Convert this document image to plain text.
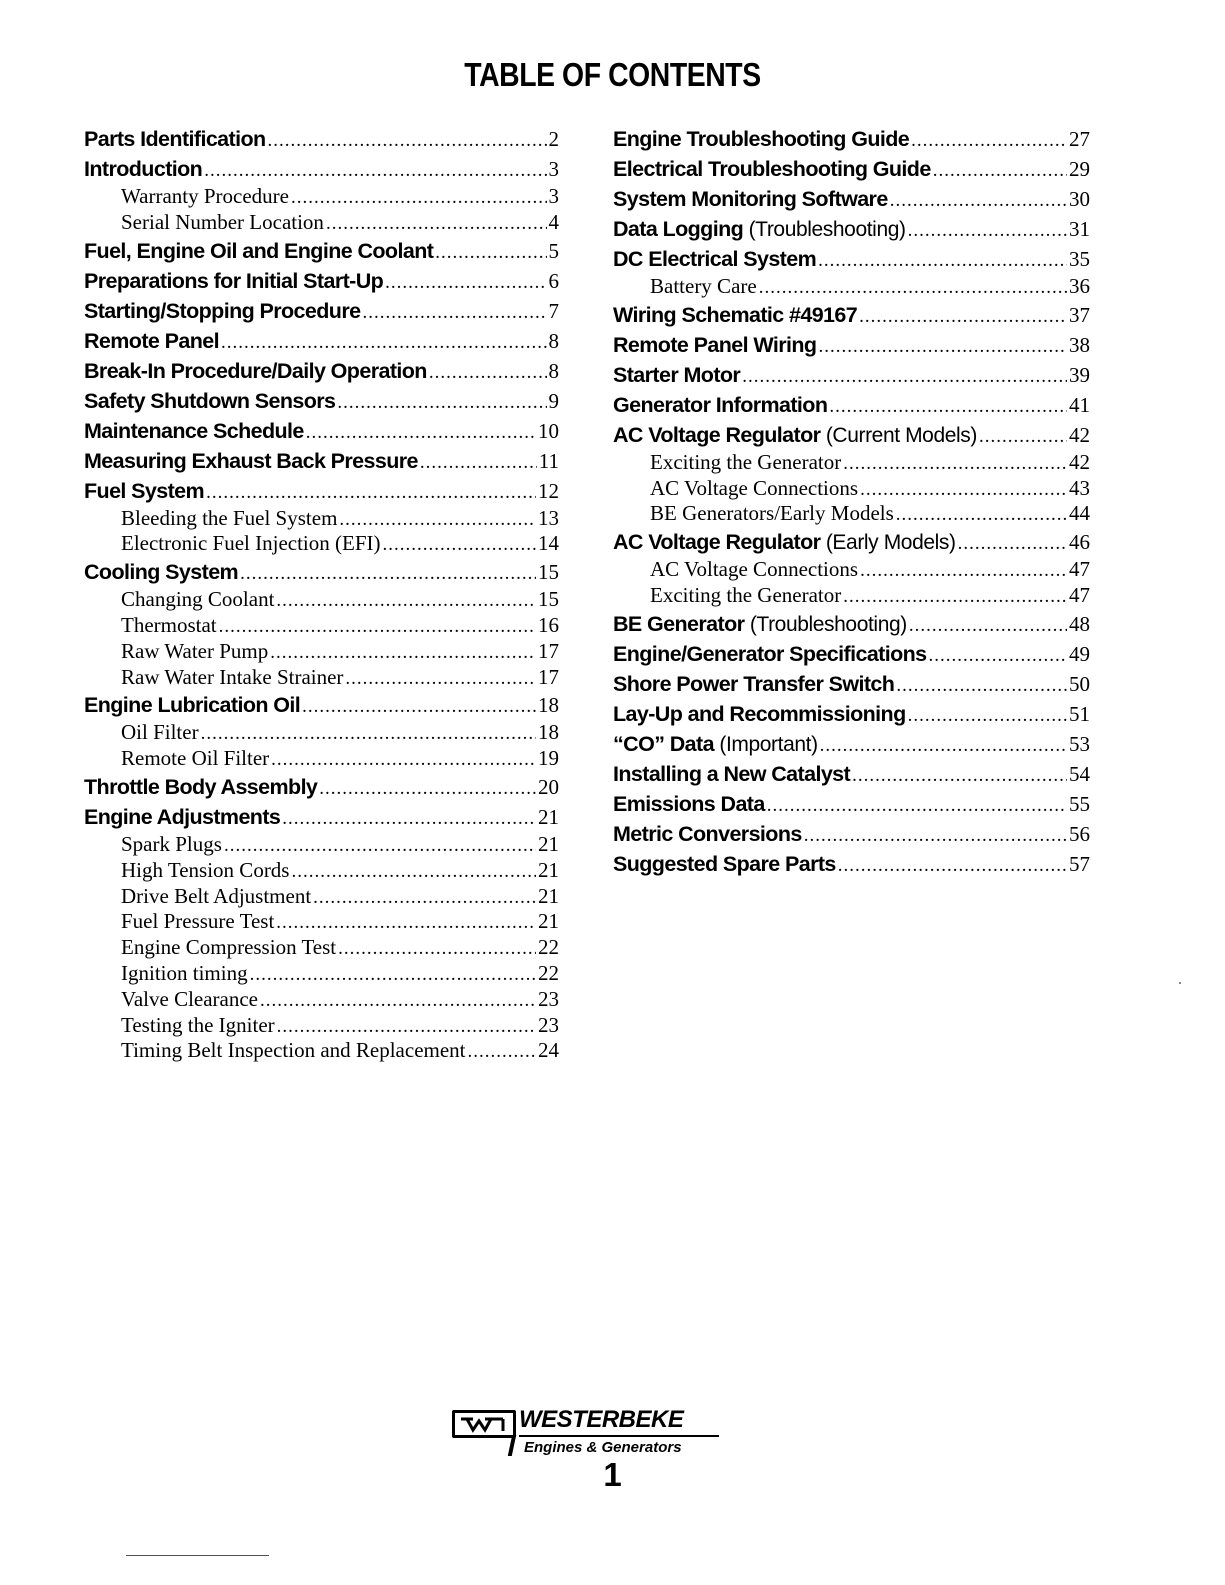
TABLE OF CONTENTS
Parts Identification .....	2
Introduction .....	3
Warranty Procedure .....	3
Serial Number Location .....	4
Fuel, Engine Oil and Engine Coolant .....	5
Preparations for Initial Start-Up .....	6
Starting/Stopping Procedure .....	7
Remote Panel .....	8
Break-In Procedure/Daily Operation .....	8
Safety Shutdown Sensors .....	9
Maintenance Schedule .....	10
Measuring Exhaust Back Pressure .....	11
Fuel System .....	12
Bleeding the Fuel System .....	13
Electronic Fuel Injection (EFI) .....	14
Cooling System .....	15
Changing Coolant .....	15
Thermostat .....	16
Raw Water Pump .....	17
Raw Water Intake Strainer .....	17
Engine Lubrication Oil .....	18
Oil Filter .....	18
Remote Oil Filter .....	19
Throttle Body Assembly .....	20
Engine Adjustments .....	21
Spark Plugs .....	21
High Tension Cords .....	21
Drive Belt Adjustment .....	21
Fuel Pressure Test .....	21
Engine Compression Test .....	22
Ignition timing .....	22
Valve Clearance .....	23
Testing the Igniter .....	23
Timing Belt Inspection and Replacement .....	24
Engine Troubleshooting Guide .....	27
Electrical Troubleshooting Guide .....	29
System Monitoring Software .....	30
Data Logging (Troubleshooting) .....	31
DC Electrical System .....	35
Battery Care .....	36
Wiring Schematic #49167 .....	37
Remote Panel Wiring .....	38
Starter Motor .....	39
Generator Information .....	41
AC Voltage Regulator (Current Models) .....	42
Exciting the Generator .....	42
AC Voltage Connections .....	43
BE Generators/Early Models .....	44
AC Voltage Regulator (Early Models) .....	46
AC Voltage Connections .....	47
Exciting the Generator .....	47
BE Generator (Troubleshooting) .....	48
Engine/Generator Specifications .....	49
Shore Power Transfer Switch .....	50
Lay-Up and Recommissioning .....	51
“CO” Data (Important) .....	53
Installing a New Catalyst .....	54
Emissions Data .....	55
Metric Conversions .....	56
Suggested Spare Parts .....	57
WESTERBEKE
Engines & Generators
1
